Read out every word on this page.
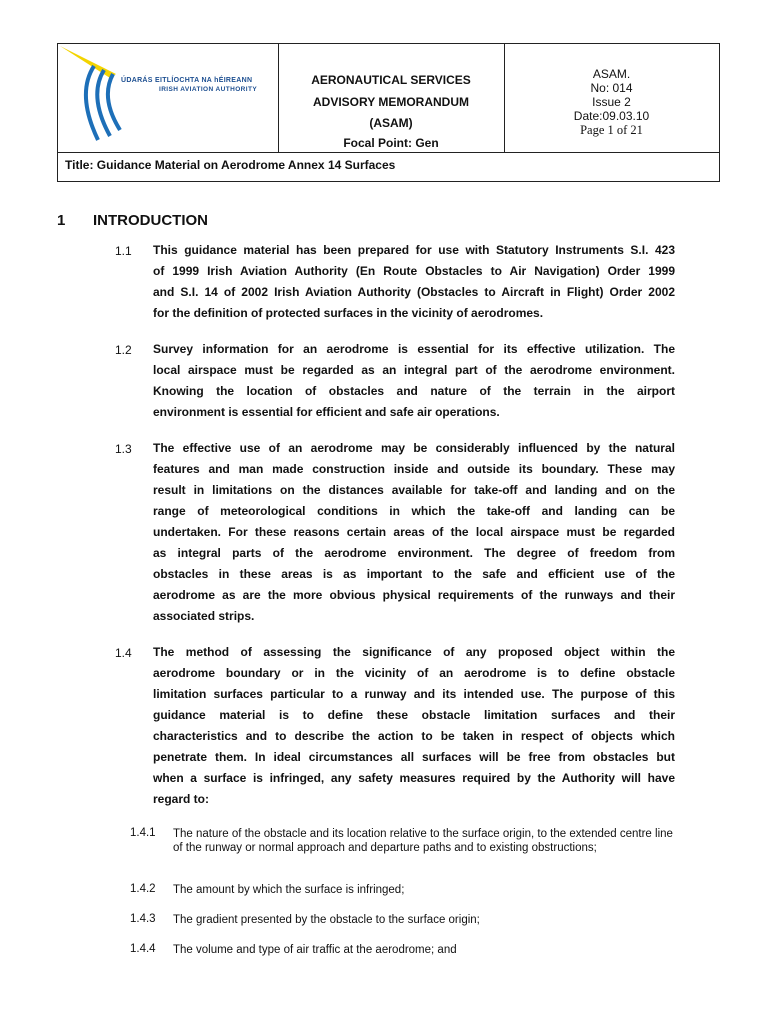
ÚDARÁS EITLÍOCHTA NA hÉIREANN
IRISH AVIATION AUTHORITY
AERONAUTICAL SERVICES
ADVISORY MEMORANDUM
(ASAM)
Focal Point: Gen
ASAM.
No: 014
Issue 2
Date:09.03.10
Page 1 of 21
Title: Guidance Material on Aerodrome Annex 14 Surfaces
1 INTRODUCTION
1.1 This guidance material has been prepared for use with Statutory Instruments S.I. 423
of 1999 Irish Aviation Authority (En Route Obstacles to Air Navigation) Order 1999
and S.I. 14 of 2002 Irish Aviation Authority (Obstacles to Aircraft in Flight) Order 2002
for the definition of protected surfaces in the vicinity of aerodromes.
1.2 Survey information for an aerodrome is essential for its effective utilization. The
local airspace must be regarded as an integral part of the aerodrome environment.
Knowing the location of obstacles and nature of the terrain in the airport
environment is essential for efficient and safe air operations.
1.3 The effective use of an aerodrome may be considerably influenced by the natural
features and man made construction inside and outside its boundary. These may
result in limitations on the distances available for take-off and landing and on the
range of meteorological conditions in which the take-off and landing can be
undertaken. For these reasons certain areas of the local airspace must be regarded
as integral parts of the aerodrome environment. The degree of freedom from
obstacles in these areas is as important to the safe and efficient use of the
aerodrome as are the more obvious physical requirements of the runways and their
associated strips.
1.4 The method of assessing the significance of any proposed object within the
aerodrome boundary or in the vicinity of an aerodrome is to define obstacle
limitation surfaces particular to a runway and its intended use. The purpose of this
guidance material is to define these obstacle limitation surfaces and their
characteristics and to describe the action to be taken in respect of objects which
penetrate them. In ideal circumstances all surfaces will be free from obstacles but
when a surface is infringed, any safety measures required by the Authority will have
regard to:
1.4.1 The nature of the obstacle and its location relative to the surface origin, to the extended centre line of the runway or normal approach and departure paths and to existing obstructions;
1.4.2 The amount by which the surface is infringed;
1.4.3 The gradient presented by the obstacle to the surface origin;
1.4.4 The volume and type of air traffic at the aerodrome; and
